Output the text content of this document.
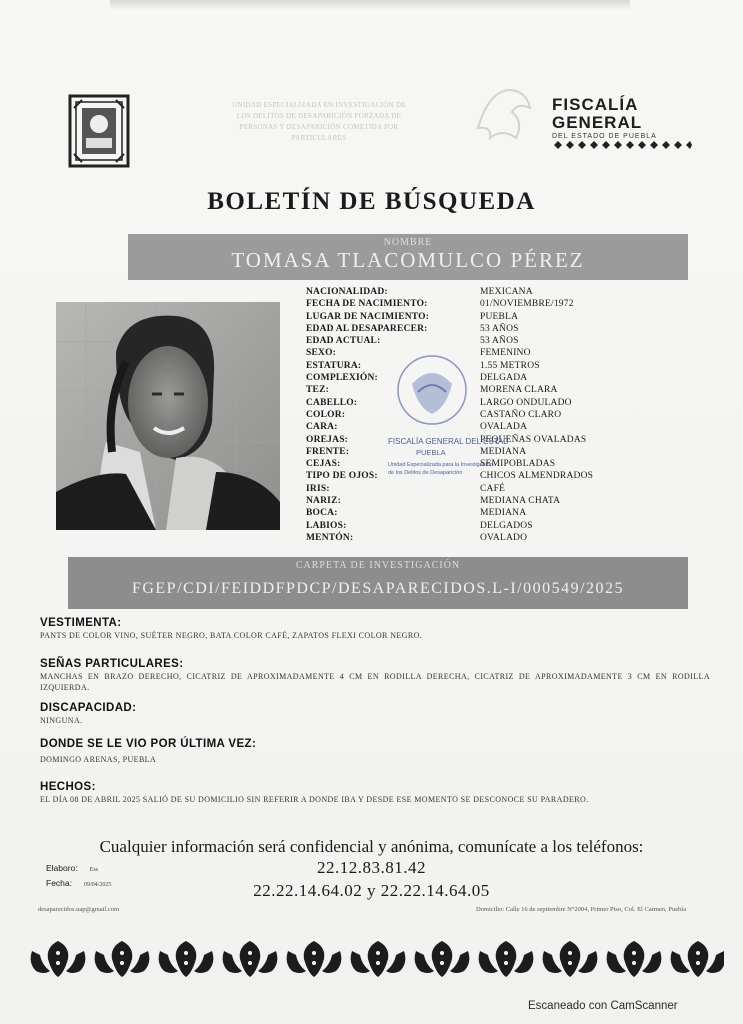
UNIDAD ESPECIALIZADA EN INVESTIGACIÓN DE
LOS DELITOS DE DESAPARICIÓN FORZADA DE
PERSONAS Y DESAPARICIÓN COMETIDA POR
PARTICULARES
FISCALÍA
GENERAL
DEL ESTADO DE PUEBLA
BOLETÍN DE BÚSQUEDA
NOMBRE
TOMASA TLACOMULCO PÉREZ
NACIONALIDAD:
FECHA DE NACIMIENTO:
LUGAR DE NACIMIENTO:
EDAD AL DESAPARECER:
EDAD ACTUAL:
SEXO:
ESTATURA:
COMPLEXIÓN:
TEZ:
CABELLO:
COLOR:
CARA:
OREJAS:
FRENTE:
CEJAS:
TIPO DE OJOS:
IRIS:
NARIZ:
BOCA:
LABIOS:
MENTÓN:
MEXICANA
01/NOVIEMBRE/1972
PUEBLA
53 AÑOS
53 AÑOS
FEMENINO
1.55 METROS
DELGADA
MORENA CLARA
LARGO ONDULADO
CASTAÑO CLARO
OVALADA
PEQUEÑAS OVALADAS
MEDIANA
SEMIPOBLADAS
CHICOS ALMENDRADOS
CAFÉ
MEDIANA CHATA
MEDIANA
DELGADOS
OVALADO
FISCALÍA GENERAL DEL ESTADO
PUEBLA
Unidad Especializada para la Investigación
de los Delitos de Desaparición
CARPETA DE INVESTIGACIÓN
FGEP/CDI/FEIDDFPDCP/DESAPARECIDOS.L-I/000549/2025
VESTIMENTA:
PANTS DE COLOR VINO, SUÉTER NEGRO, BATA COLOR CAFÉ, ZAPATOS FLEXI COLOR NEGRO.
SEÑAS PARTICULARES:
MANCHAS EN BRAZO DERECHO, CICATRIZ DE APROXIMADAMENTE 4 CM EN RODILLA DERECHA, CICATRIZ DE APROXIMADAMENTE 3 CM EN RODILLA IZQUIERDA.
DISCAPACIDAD:
NINGUNA.
DONDE SE LE VIO POR ÚLTIMA VEZ:
DOMINGO ARENAS, PUEBLA
HECHOS:
EL DÍA 08 DE ABRIL 2025 SALIÓ DE SU DOMICILIO SIN REFERIR A DONDE IBA Y DESDE ESE MOMENTO SE DESCONOCE SU PARADERO.
Cualquier información será confidencial y anónima, comunícate a los teléfonos:
22.12.83.81.42
22.22.14.64.02 y 22.22.14.64.05
Elaboro: Ess
Fecha: 09/04/2025
desaparecidos.uap@gmail.com	Domicilio: Calle 16 de septiembre N°2004, Primer Piso, Col. El Carmen, Puebla
Escaneado con CamScanner
